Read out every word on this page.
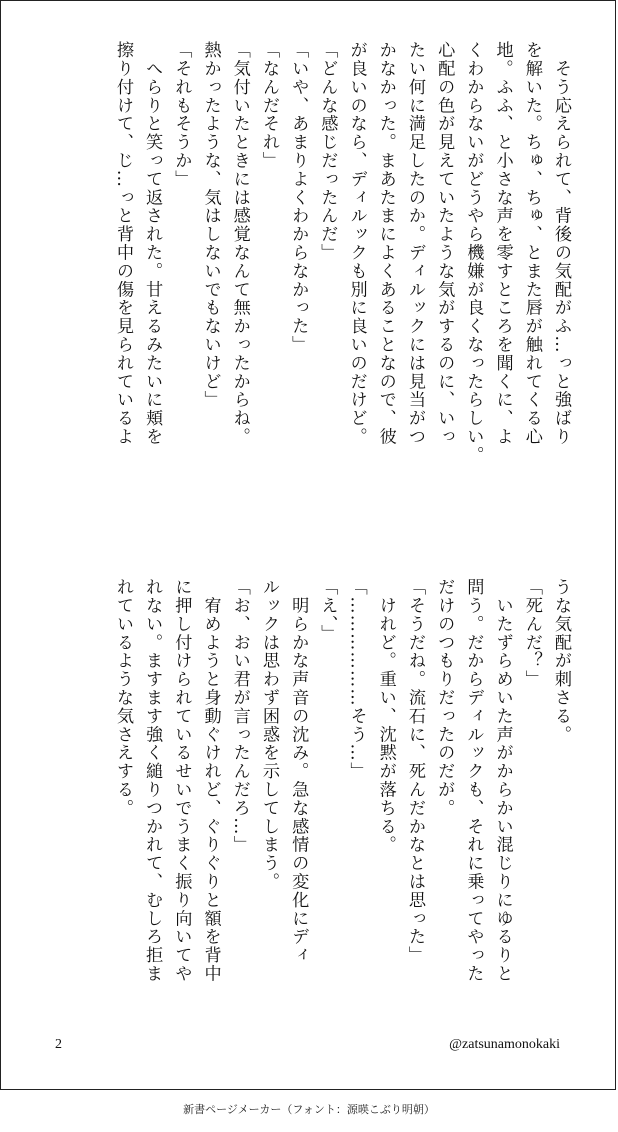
　そう応えられて、背後の気配がふ…っと強ばり
を解いた。ちゅ、ちゅ、とまた唇が触れてくる心
地。ふふ、と小さな声を零すところを聞くに、よ
くわからないがどうやら機嫌が良くなったらしい。
心配の色が見えていたような気がするのに、いっ
たい何に満足したのか。ディルックには見当がつ
かなかった。まあたまによくあることなので、彼
が良いのなら、ディルックも別に良いのだけど。
「どんな感じだったんだ」
「いや、あまりよくわからなかった」
「なんだそれ」
「気付いたときには感覚なんて無かったからね。
熱かったような、気はしないでもないけど」
「それもそうか」
　へらりと笑って返された。甘えるみたいに頬を
擦り付けて、じ…っと背中の傷を見られているよ
うな気配が刺さる。
「死んだ？」
　いたずらめいた声がからかい混じりにゆるりと
問う。だからディルックも、それに乗ってやった
だけのつもりだったのだが。
「そうだね。流石に、死んだかなとは思った」
　けれど。重い、沈黙が落ちる。
「………………そう…」
「え、」
　明らかな声音の沈み。急な感情の変化にディ
ルックは思わず困惑を示してしまう。
「お、おい君が言ったんだろ…」
　宥めようと身動ぐけれど、ぐりぐりと額を背中
に押し付けられているせいでうまく振り向いてや
れない。ますます強く縋りつかれて、むしろ拒ま
れているような気さえする。
2	@zatsunamonokaki
新書ページメーカー（フォント：源暎こぶり明朝）
